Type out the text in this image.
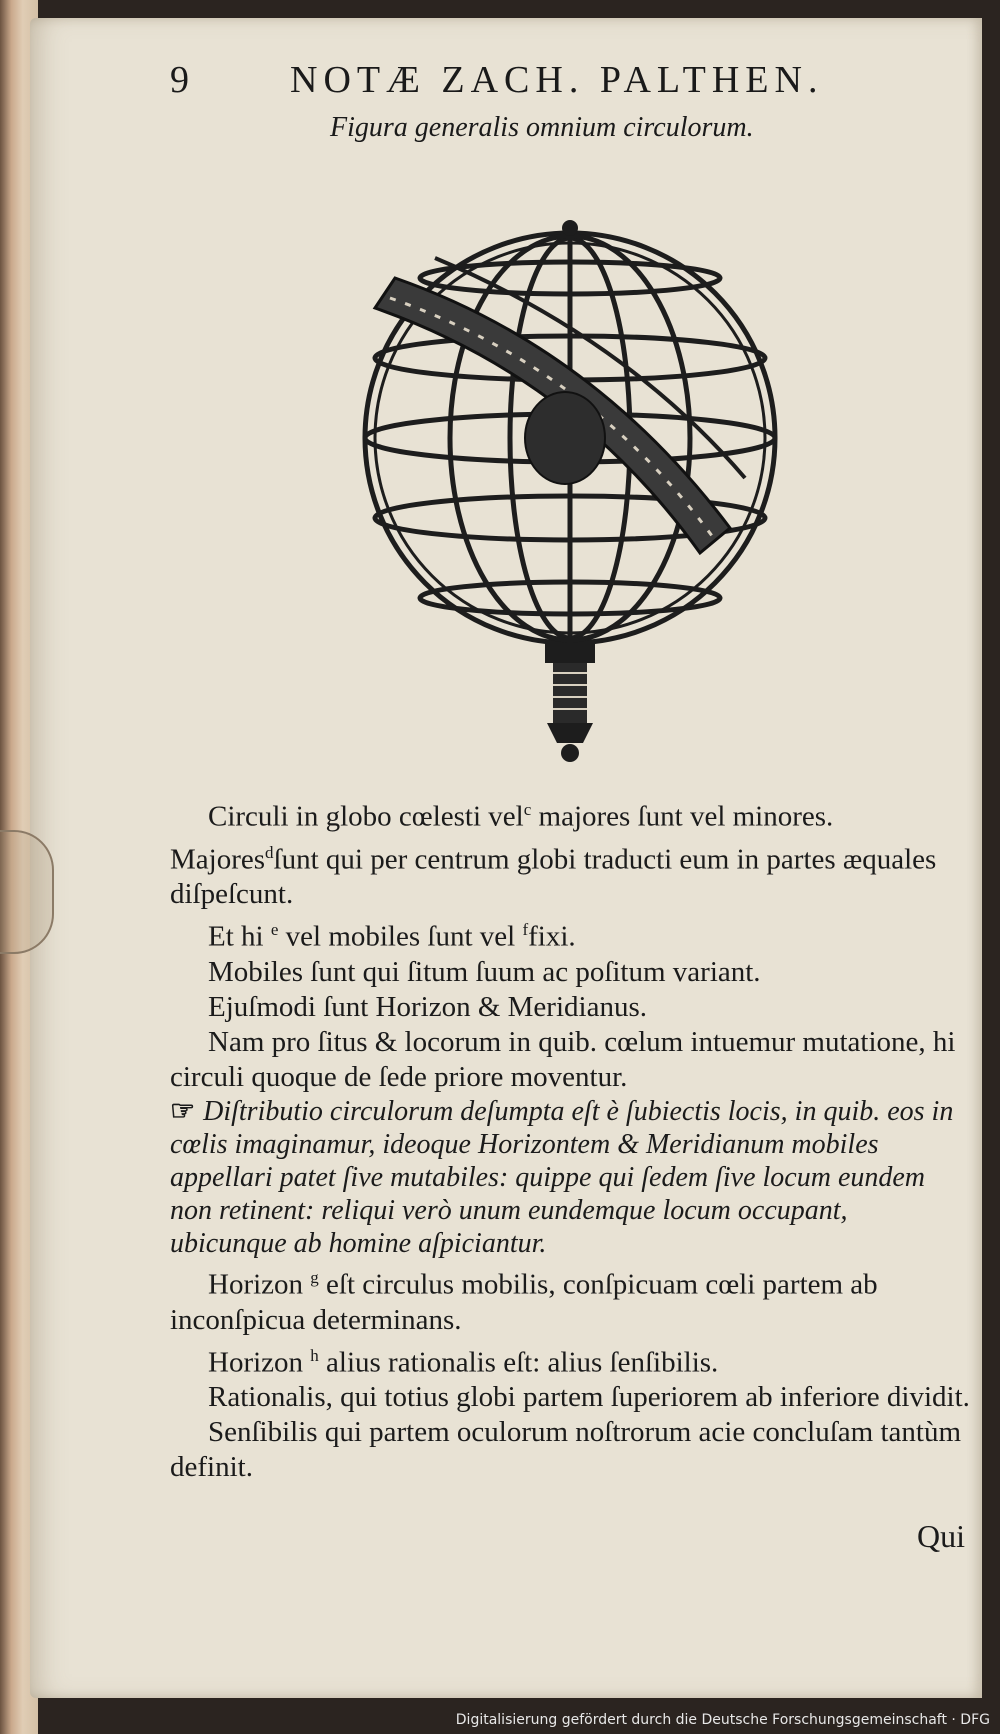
9	NOTÆ ZACH. PALTHEN.
Figura generalis omnium circulorum.

Circuli in globo cœlesti vel$^c$ majores ſunt vel minores.

Majores$^d$ſunt qui per centrum globi traducti eum in partes æquales diſpeſcunt.

Et hi $^e$ vel mobiles ſunt vel $^f$fixi.

Mobiles ſunt qui ſitum ſuum ac poſitum variant.

Ejuſmodi ſunt Horizon & Meridianus.

Nam pro ſitus & locorum in quib. cœlum intuemur mutatione, hi circuli quoque de ſede priore moventur.

☞ Diſtributio circulorum deſumpta eſt è ſubiectis locis, in quib. eos in cœlis imaginamur, ideoque Horizontem & Meridianum mobiles appellari patet ſive mutabiles: quippe qui ſedem ſive locum eundem non retinent: reliqui verò unum eundemque locum occupant, ubicunque ab homine aſpiciantur.

Horizon $^g$ eſt circulus mobilis, conſpicuam cœli partem ab inconſpicua determinans.

Horizon $^h$ alius rationalis eſt: alius ſenſibilis.

Rationalis, qui totius globi partem ſuperiorem ab inferiore dividit.

Senſibilis qui partem oculorum noſtrorum acie concluſam tantùm definit.

Qui
Digitalisierung gefördert durch die Deutsche Forschungsgemeinschaft · DFG
